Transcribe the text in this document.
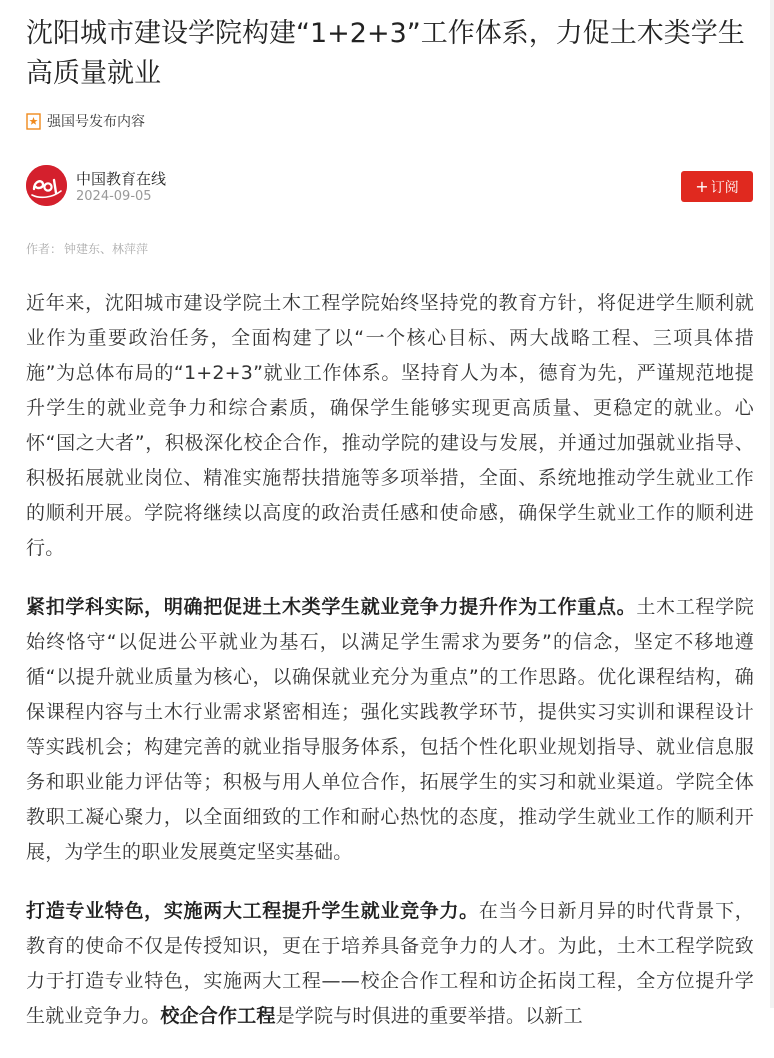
沈阳城市建设学院构建“1+2+3”工作体系，力促土木类学生高质量就业
强国号发布内容
中国教育在线
2024-09-05
+ 订阅
作者： 钟建东、林萍萍

近年来，沈阳城市建设学院土木工程学院始终坚持党的教育方针，将促进学生顺利就业作为重要政治任务，全面构建了以“一个核心目标、两大战略工程、三项具体措施”为总体布局的“1+2+3”就业工作体系。坚持育人为本，德育为先，严谨规范地提升学生的就业竞争力和综合素质，确保学生能够实现更高质量、更稳定的就业。心怀“国之大者”，积极深化校企合作，推动学院的建设与发展，并通过加强就业指导、积极拓展就业岗位、精准实施帮扶措施等多项举措，全面、系统地推动学生就业工作的顺利开展。学院将继续以高度的政治责任感和使命感，确保学生就业工作的顺利进行。

紧扣学科实际，明确把促进土木类学生就业竞争力提升作为工作重点。土木工程学院始终恪守“以促进公平就业为基石，以满足学生需求为要务”的信念，坚定不移地遵循“以提升就业质量为核心，以确保就业充分为重点”的工作思路。优化课程结构，确保课程内容与土木行业需求紧密相连；强化实践教学环节，提供实习实训和课程设计等实践机会；构建完善的就业指导服务体系，包括个性化职业规划指导、就业信息服务和职业能力评估等；积极与用人单位合作，拓展学生的实习和就业渠道。学院全体教职工凝心聚力，以全面细致的工作和耐心热忱的态度，推动学生就业工作的顺利开展，为学生的职业发展奠定坚实基础。

打造专业特色，实施两大工程提升学生就业竞争力。在当今日新月异的时代背景下，教育的使命不仅是传授知识，更在于培养具备竞争力的人才。为此，土木工程学院致力于打造专业特色，实施两大工程——校企合作工程和访企拓岗工程，全方位提升学生就业竞争力。校企合作工程是学院与时俱进的重要举措。以新工
